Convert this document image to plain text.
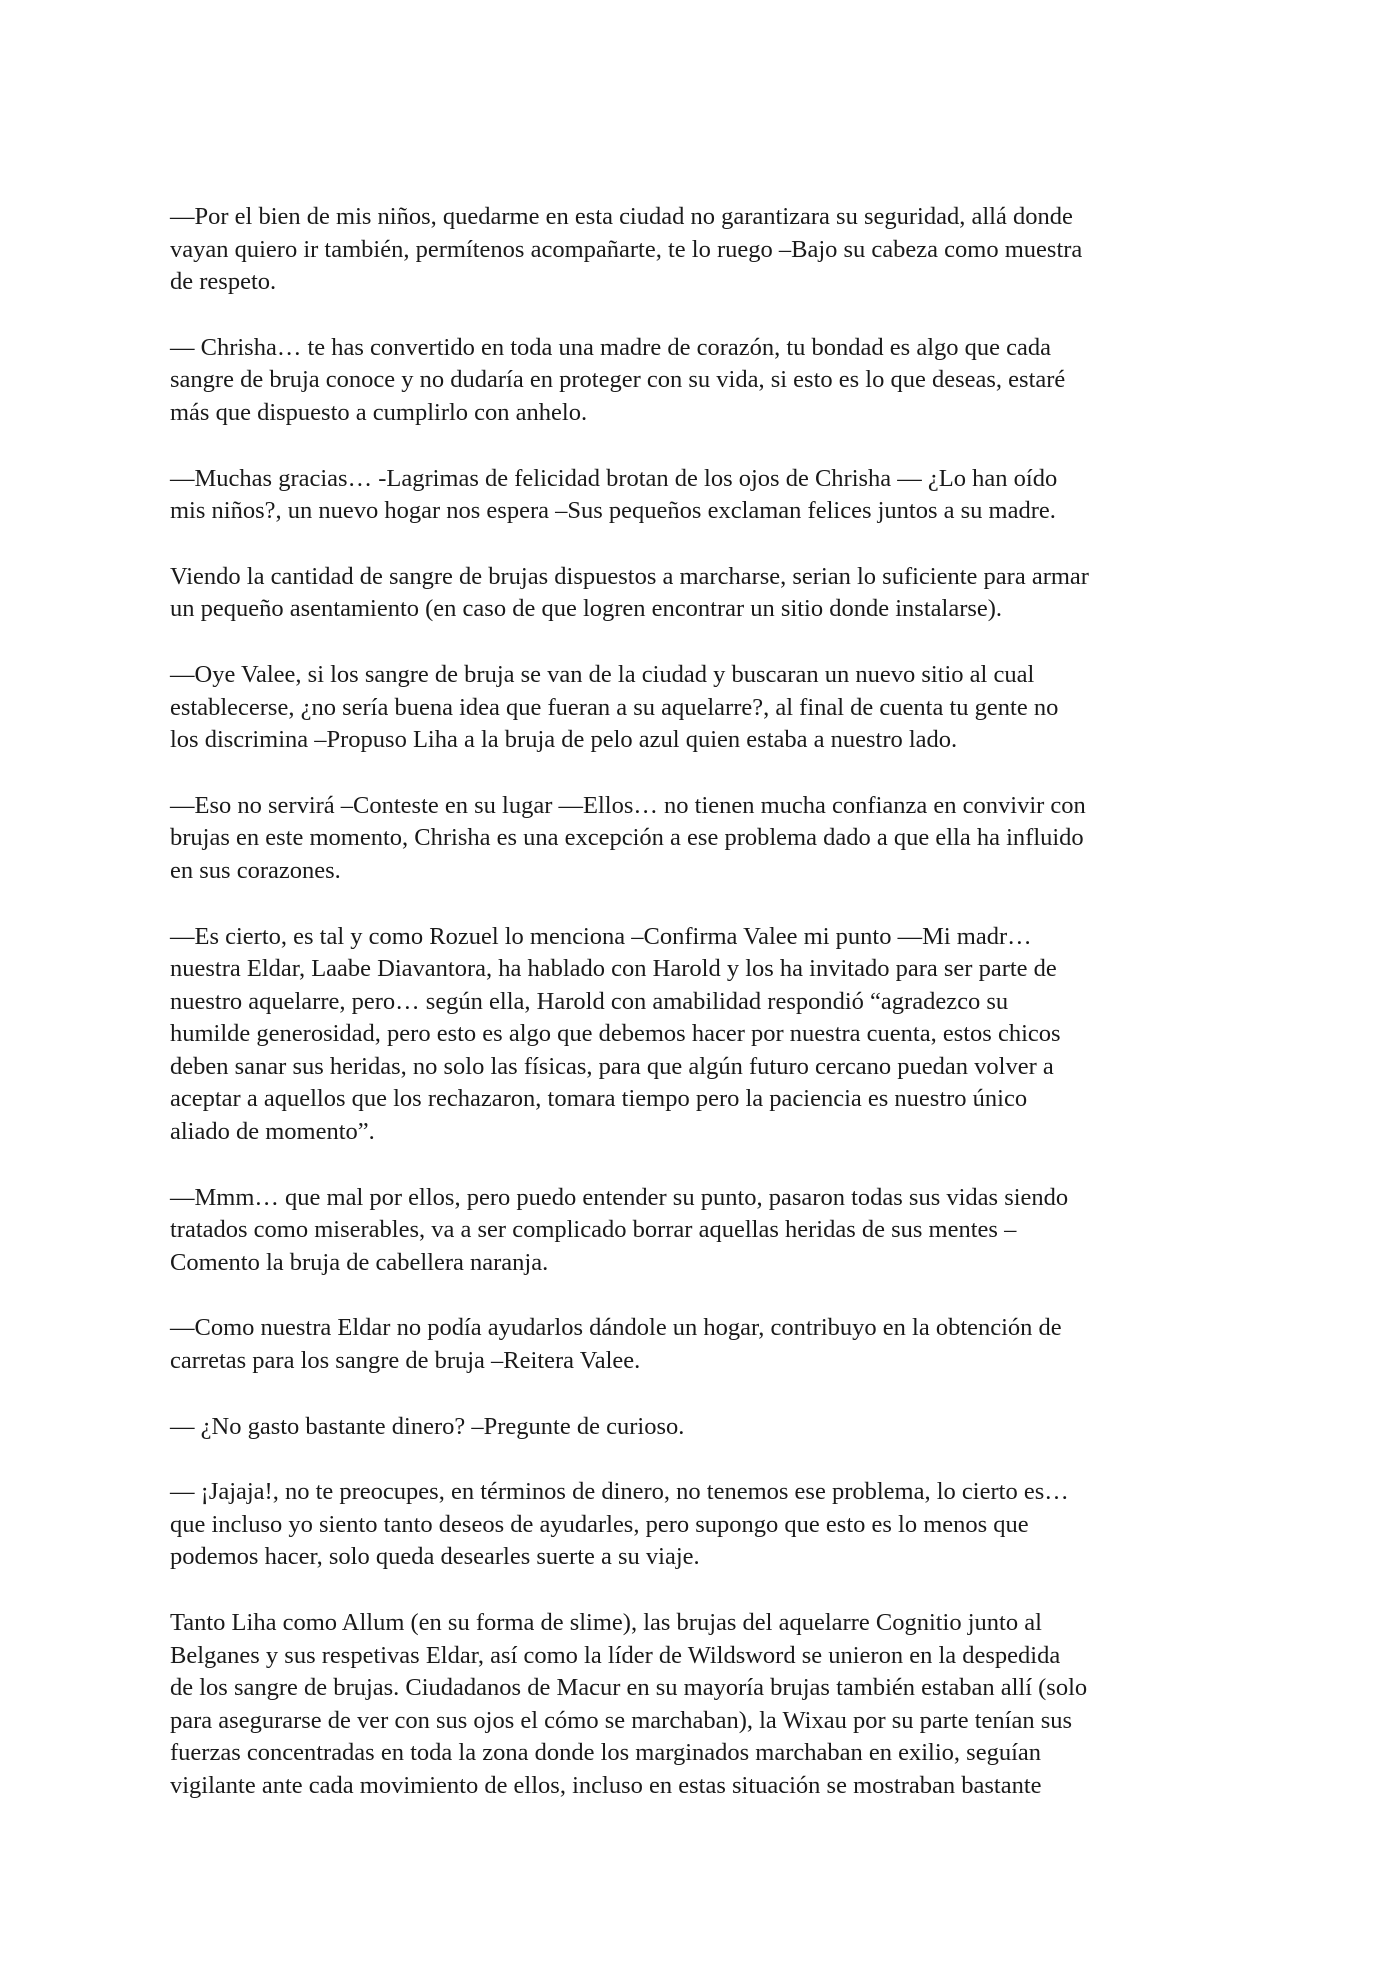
—Por el bien de mis niños, quedarme en esta ciudad no garantizara su seguridad, allá donde
vayan quiero ir también, permítenos acompañarte, te lo ruego –Bajo su cabeza como muestra
de respeto.

— Chrisha… te has convertido en toda una madre de corazón, tu bondad es algo que cada
sangre de bruja conoce y no dudaría en proteger con su vida, si esto es lo que deseas, estaré
más que dispuesto a cumplirlo con anhelo.

—Muchas gracias… -Lagrimas de felicidad brotan de los ojos de Chrisha — ¿Lo han oído
mis niños?, un nuevo hogar nos espera –Sus pequeños exclaman felices juntos a su madre.

Viendo la cantidad de sangre de brujas dispuestos a marcharse, serian lo suficiente para armar
un pequeño asentamiento (en caso de que logren encontrar un sitio donde instalarse).

—Oye Valee, si los sangre de bruja se van de la ciudad y buscaran un nuevo sitio al cual
establecerse, ¿no sería buena idea que fueran a su aquelarre?, al final de cuenta tu gente no
los discrimina –Propuso Liha a la bruja de pelo azul quien estaba a nuestro lado.

—Eso no servirá –Conteste en su lugar —Ellos… no tienen mucha confianza en convivir con
brujas en este momento, Chrisha es una excepción a ese problema dado a que ella ha influido
en sus corazones.

—Es cierto, es tal y como Rozuel lo menciona –Confirma Valee mi punto —Mi madr…
nuestra Eldar, Laabe Diavantora, ha hablado con Harold y los ha invitado para ser parte de
nuestro aquelarre, pero… según ella, Harold con amabilidad respondió “agradezco su
humilde generosidad, pero esto es algo que debemos hacer por nuestra cuenta, estos chicos
deben sanar sus heridas, no solo las físicas, para que algún futuro cercano puedan volver a
aceptar a aquellos que los rechazaron, tomara tiempo pero la paciencia es nuestro único
aliado de momento”.

—Mmm… que mal por ellos, pero puedo entender su punto, pasaron todas sus vidas siendo
tratados como miserables, va a ser complicado borrar aquellas heridas de sus mentes –
Comento la bruja de cabellera naranja.

—Como nuestra Eldar no podía ayudarlos dándole un hogar, contribuyo en la obtención de
carretas para los sangre de bruja –Reitera Valee.

— ¿No gasto bastante dinero? –Pregunte de curioso.

— ¡Jajaja!, no te preocupes, en términos de dinero, no tenemos ese problema, lo cierto es…
que incluso yo siento tanto deseos de ayudarles, pero supongo que esto es lo menos que
podemos hacer, solo queda desearles suerte a su viaje.

Tanto Liha como Allum (en su forma de slime), las brujas del aquelarre Cognitio junto al
Belganes y sus respetivas Eldar, así como la líder de Wildsword se unieron en la despedida
de los sangre de brujas. Ciudadanos de Macur en su mayoría brujas también estaban allí (solo
para asegurarse de ver con sus ojos el cómo se marchaban), la Wixau por su parte tenían sus
fuerzas concentradas en toda la zona donde los marginados marchaban en exilio, seguían
vigilante ante cada movimiento de ellos, incluso en estas situación se mostraban bastante
